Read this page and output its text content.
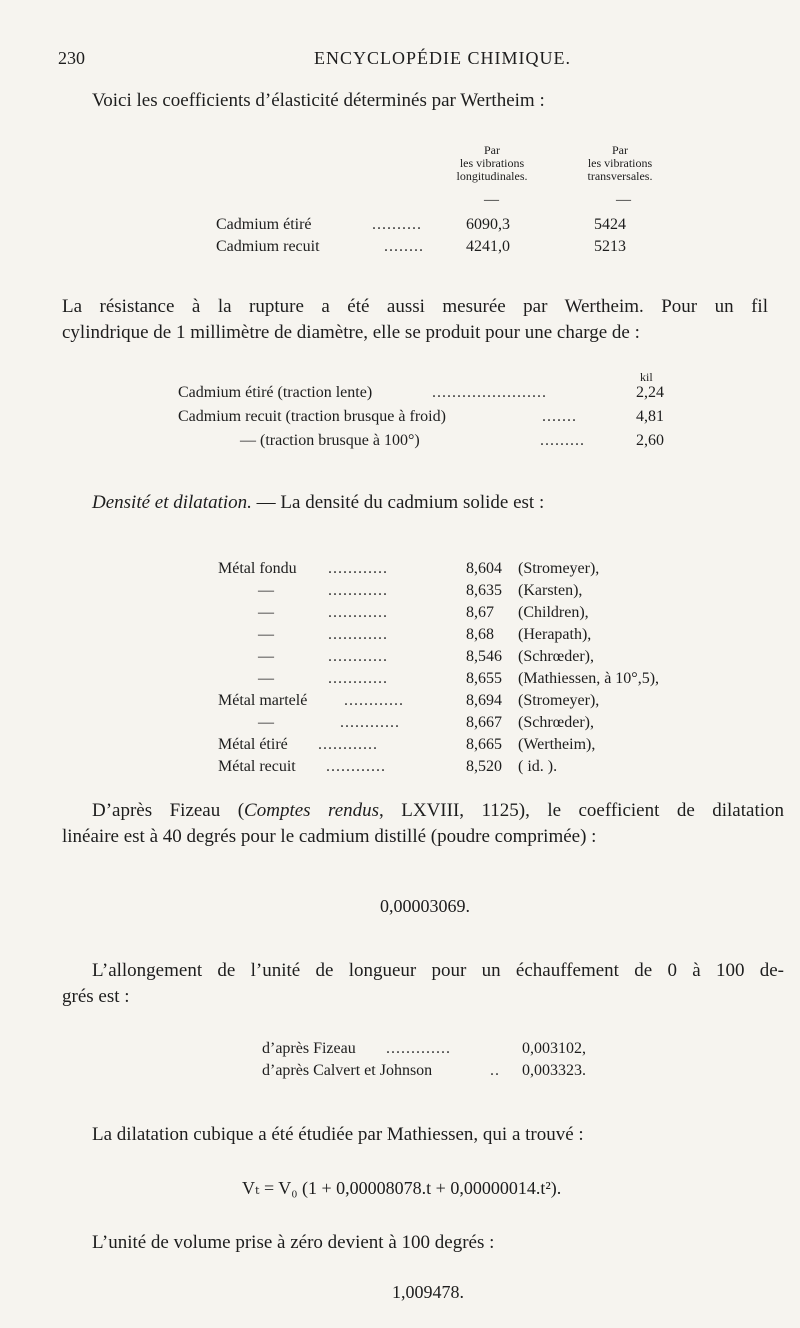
230	ENCYCLOPÉDIE CHIMIQUE.
Voici les coefficients d’élasticité déterminés par Wertheim :
Par
les vibrations
longitudinales.
Par
les vibrations
transversales.
—	—
Cadmium étiré	..........	6090,3	5424
Cadmium recuit	........	4241,0	5213
La résistance à la rupture a été aussi mesurée par Wertheim. Pour un fil
cylindrique de 1 millimètre de diamètre, elle se produit pour une charge de :
kil
Cadmium étiré (traction lente)	.......................	2,24
Cadmium recuit (traction brusque à froid)	.......	4,81
— (traction brusque à 100°)	.........	2,60
Densité et dilatation. — La densité du cadmium solide est :
Métal fondu ............	8,604 (Stromeyer),
—	............	8,635 (Karsten),
—	............	8,67 (Children),
—	............	8,68 (Herapath),
—	............	8,546 (Schrœder),
—	............	8,655 (Mathiessen, à 10°,5),
Métal martelé ............	8,694 (Stromeyer),
—	............	8,667 (Schrœder),
Métal étiré ............	8,665 (Wertheim),
Métal recuit ............	8,520 ( id. ).
D’après Fizeau (Comptes rendus, LXVIII, 1125), le coefficient de dilatation
linéaire est à 40 degrés pour le cadmium distillé (poudre comprimée) :
0,00003069.
L’allongement de l’unité de longueur pour un échauffement de 0 à 100 de-
grés est :
d’après Fizeau .............	0,003102,
d’après Calvert et Johnson	.. 0,003323.
La dilatation cubique a été étudiée par Mathiessen, qui a trouvé :
Vₜ = V₀ (1 + 0,00008078.t + 0,00000014.t²).
L’unité de volume prise à zéro devient à 100 degrés :
1,009478.
